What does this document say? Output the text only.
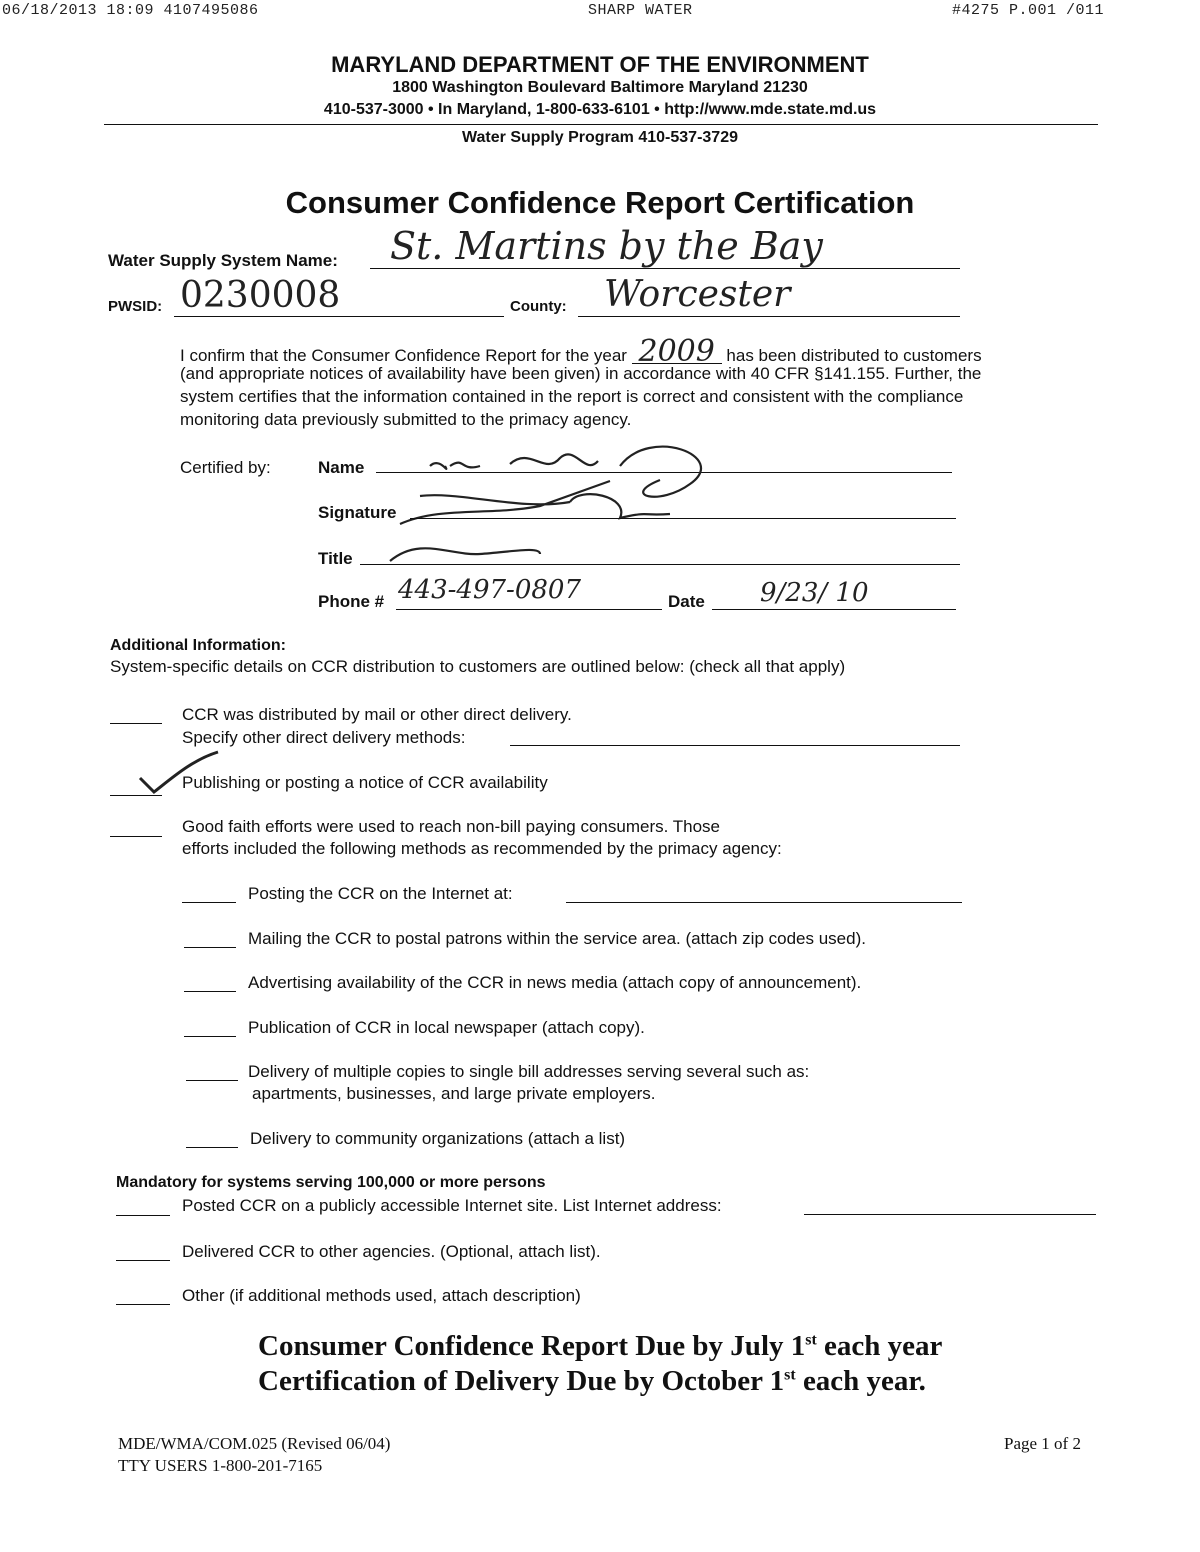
06/18/2013 18:09 4107495086	SHARP WATER	#4275 P.001 /011
MARYLAND DEPARTMENT OF THE ENVIRONMENT
1800 Washington Boulevard Baltimore Maryland 21230
410-537-3000 • In Maryland, 1-800-633-6101 • http://www.mde.state.md.us
Water Supply Program 410-537-3729
Consumer Confidence Report Certification
Water Supply System Name: St. Martins by the Bay
PWSID: 0230008	County: Worcester
I confirm that the Consumer Confidence Report for the year 2009 has been distributed to customers
(and appropriate notices of availability have been given) in accordance with 40 CFR §141.155. Further, the
system certifies that the information contained in the report is correct and consistent with the compliance
monitoring data previously submitted to the primacy agency.
Certified by:	Name
Signature
Title
Phone # 443-497-0807	Date 9/23/ 10
Additional Information:
System-specific details on CCR distribution to customers are outlined below: (check all that apply)
CCR was distributed by mail or other direct delivery.
Specify other direct delivery methods:
Publishing or posting a notice of CCR availability
Good faith efforts were used to reach non-bill paying consumers. Those
efforts included the following methods as recommended by the primacy agency:
Posting the CCR on the Internet at:
Mailing the CCR to postal patrons within the service area. (attach zip codes used).
Advertising availability of the CCR in news media (attach copy of announcement).
Publication of CCR in local newspaper (attach copy).
Delivery of multiple copies to single bill addresses serving several such as:
apartments, businesses, and large private employers.
Delivery to community organizations (attach a list)
Mandatory for systems serving 100,000 or more persons
Posted CCR on a publicly accessible Internet site. List Internet address:
Delivered CCR to other agencies. (Optional, attach list).
Other (if additional methods used, attach description)
Consumer Confidence Report Due by July 1st each year
Certification of Delivery Due by October 1st each year.
MDE/WMA/COM.025 (Revised 06/04)
TTY USERS 1-800-201-7165
Page 1 of 2
